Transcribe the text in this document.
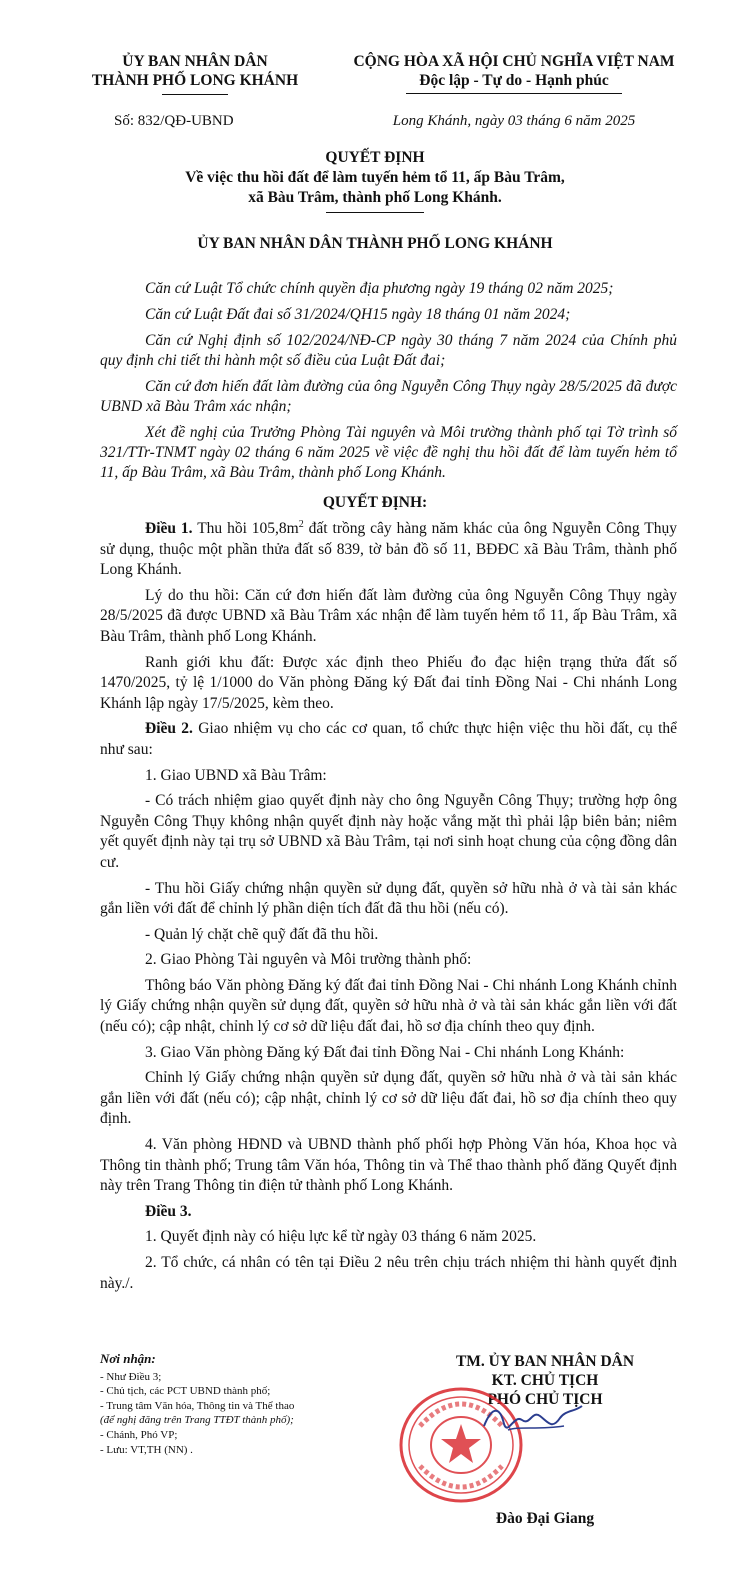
ỦY BAN NHÂN DÂN
THÀNH PHỐ LONG KHÁNH
CỘNG HÒA XÃ HỘI CHỦ NGHĨA VIỆT NAM
Độc lập - Tự do - Hạnh phúc
Số: 832/QĐ-UBND	Long Khánh, ngày 03 tháng 6 năm 2025
QUYẾT ĐỊNH
Về việc thu hồi đất để làm tuyến hẻm tổ 11, ấp Bàu Trâm,
xã Bàu Trâm, thành phố Long Khánh.
ỦY BAN NHÂN DÂN THÀNH PHỐ LONG KHÁNH

Căn cứ Luật Tổ chức chính quyền địa phương ngày 19 tháng 02 năm 2025;

Căn cứ Luật Đất đai số 31/2024/QH15 ngày 18 tháng 01 năm 2024;

Căn cứ Nghị định số 102/2024/NĐ-CP ngày 30 tháng 7 năm 2024 của Chính phủ quy định chi tiết thi hành một số điều của Luật Đất đai;

Căn cứ đơn hiến đất làm đường của ông Nguyễn Công Thụy ngày 28/5/2025 đã được UBND xã Bàu Trâm xác nhận;

Xét đề nghị của Trưởng Phòng Tài nguyên và Môi trường thành phố tại Tờ trình số 321/TTr-TNMT ngày 02 tháng 6 năm 2025 về việc đề nghị thu hồi đất để làm tuyến hẻm tổ 11, ấp Bàu Trâm, xã Bàu Trâm, thành phố Long Khánh.

QUYẾT ĐỊNH:

Điều 1. Thu hồi $105,8m^2$ đất trồng cây hàng năm khác của ông Nguyễn Công Thụy sử dụng, thuộc một phần thửa đất số 839, tờ bản đồ số 11, BĐĐC xã Bàu Trâm, thành phố Long Khánh.

Lý do thu hồi: Căn cứ đơn hiến đất làm đường của ông Nguyễn Công Thụy ngày 28/5/2025 đã được UBND xã Bàu Trâm xác nhận để làm tuyến hẻm tổ 11, ấp Bàu Trâm, xã Bàu Trâm, thành phố Long Khánh.

Ranh giới khu đất: Được xác định theo Phiếu đo đạc hiện trạng thửa đất số 1470/2025, tỷ lệ 1/1000 do Văn phòng Đăng ký Đất đai tỉnh Đồng Nai - Chi nhánh Long Khánh lập ngày 17/5/2025, kèm theo.

Điều 2. Giao nhiệm vụ cho các cơ quan, tổ chức thực hiện việc thu hồi đất, cụ thể như sau:

1. Giao UBND xã Bàu Trâm:

- Có trách nhiệm giao quyết định này cho ông Nguyễn Công Thụy; trường hợp ông Nguyễn Công Thụy không nhận quyết định này hoặc vắng mặt thì phải lập biên bản; niêm yết quyết định này tại trụ sở UBND xã Bàu Trâm, tại nơi sinh hoạt chung của cộng đồng dân cư.

- Thu hồi Giấy chứng nhận quyền sử dụng đất, quyền sở hữu nhà ở và tài sản khác gắn liền với đất để chỉnh lý phần diện tích đất đã thu hồi (nếu có).

- Quản lý chặt chẽ quỹ đất đã thu hồi.

2. Giao Phòng Tài nguyên và Môi trường thành phố:

Thông báo Văn phòng Đăng ký đất đai tỉnh Đồng Nai - Chi nhánh Long Khánh chỉnh lý Giấy chứng nhận quyền sử dụng đất, quyền sở hữu nhà ở và tài sản khác gắn liền với đất (nếu có); cập nhật, chỉnh lý cơ sở dữ liệu đất đai, hồ sơ địa chính theo quy định.

3. Giao Văn phòng Đăng ký Đất đai tỉnh Đồng Nai - Chi nhánh Long Khánh:

Chỉnh lý Giấy chứng nhận quyền sử dụng đất, quyền sở hữu nhà ở và tài sản khác gắn liền với đất (nếu có); cập nhật, chỉnh lý cơ sở dữ liệu đất đai, hồ sơ địa chính theo quy định.

4. Văn phòng HĐND và UBND thành phố phối hợp Phòng Văn hóa, Khoa học và Thông tin thành phố; Trung tâm Văn hóa, Thông tin và Thể thao thành phố đăng Quyết định này trên Trang Thông tin điện tử thành phố Long Khánh.

Điều 3.

1. Quyết định này có hiệu lực kể từ ngày 03 tháng 6 năm 2025.

2. Tổ chức, cá nhân có tên tại Điều 2 nêu trên chịu trách nhiệm thi hành quyết định này./.

Nơi nhận:
- Như Điều 3;
- Chủ tịch, các PCT UBND thành phố;
- Trung tâm Văn hóa, Thông tin và Thể thao
(để nghị đăng trên Trang TTĐT thành phố);
- Chánh, Phó VP;
- Lưu: VT,TH (NN) .
TM. ỦY BAN NHÂN DÂN
KT. CHỦ TỊCH
PHÓ CHỦ TỊCH
Đào Đại Giang
